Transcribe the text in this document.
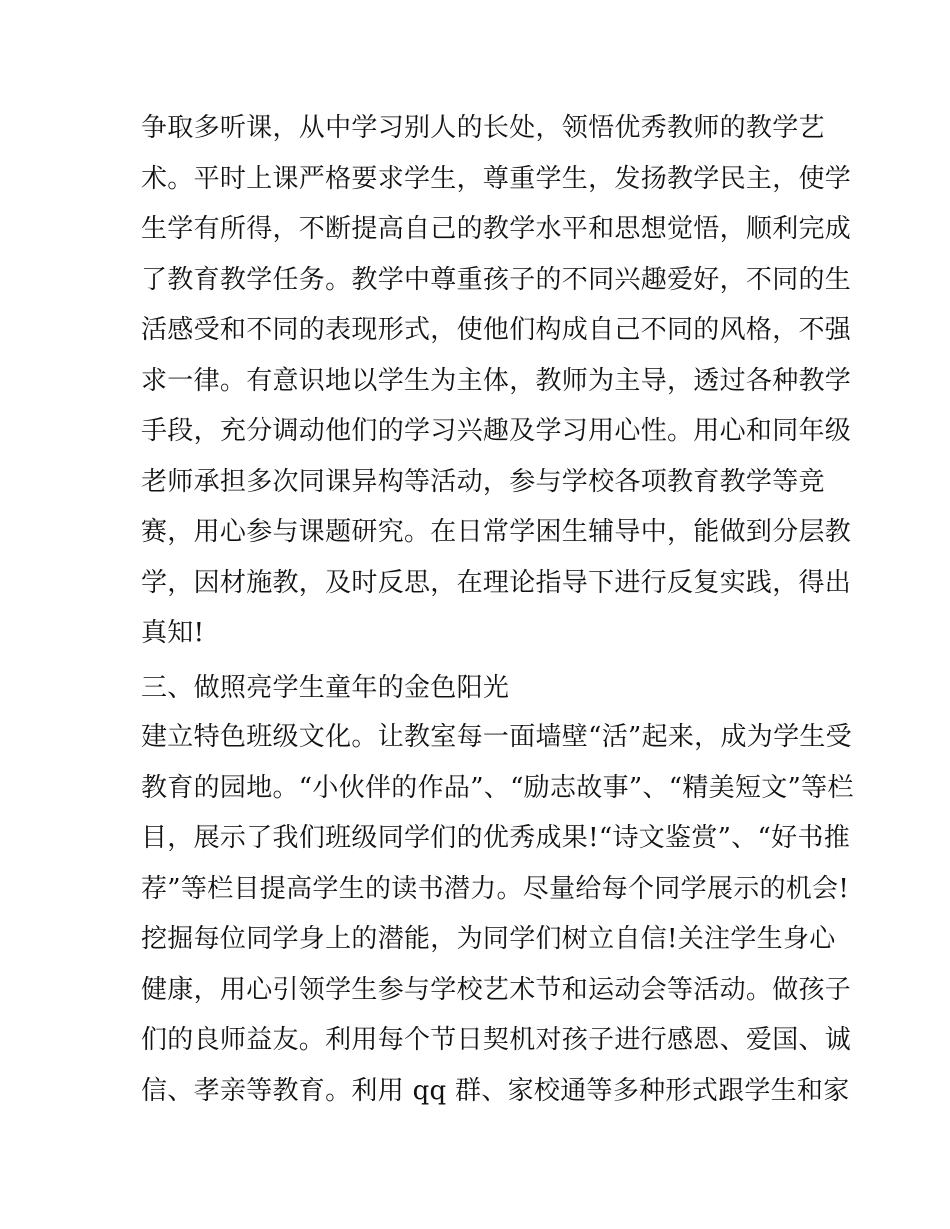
争取多听课，从中学习别人的长处，领悟优秀教师的教学艺
术。平时上课严格要求学生，尊重学生，发扬教学民主，使学
生学有所得，不断提高自己的教学水平和思想觉悟，顺利完成
了教育教学任务。教学中尊重孩子的不同兴趣爱好，不同的生
活感受和不同的表现形式，使他们构成自己不同的风格，不强
求一律。有意识地以学生为主体，教师为主导，透过各种教学
手段，充分调动他们的学习兴趣及学习用心性。用心和同年级
老师承担多次同课异构等活动，参与学校各项教育教学等竞
赛，用心参与课题研究。在日常学困生辅导中，能做到分层教
学，因材施教，及时反思，在理论指导下进行反复实践，得出
真知!
三、做照亮学生童年的金色阳光
建立特色班级文化。让教室每一面墙壁“活”起来，成为学生受
教育的园地。“小伙伴的作品”、“励志故事”、“精美短文”等栏
目，展示了我们班级同学们的优秀成果!“诗文鉴赏”、“好书推
荐”等栏目提高学生的读书潜力。尽量给每个同学展示的机会!
挖掘每位同学身上的潜能，为同学们树立自信!关注学生身心
健康，用心引领学生参与学校艺术节和运动会等活动。做孩子
们的良师益友。利用每个节日契机对孩子进行感恩、爱国、诚
信、孝亲等教育。利用 qq 群、家校通等多种形式跟学生和家
